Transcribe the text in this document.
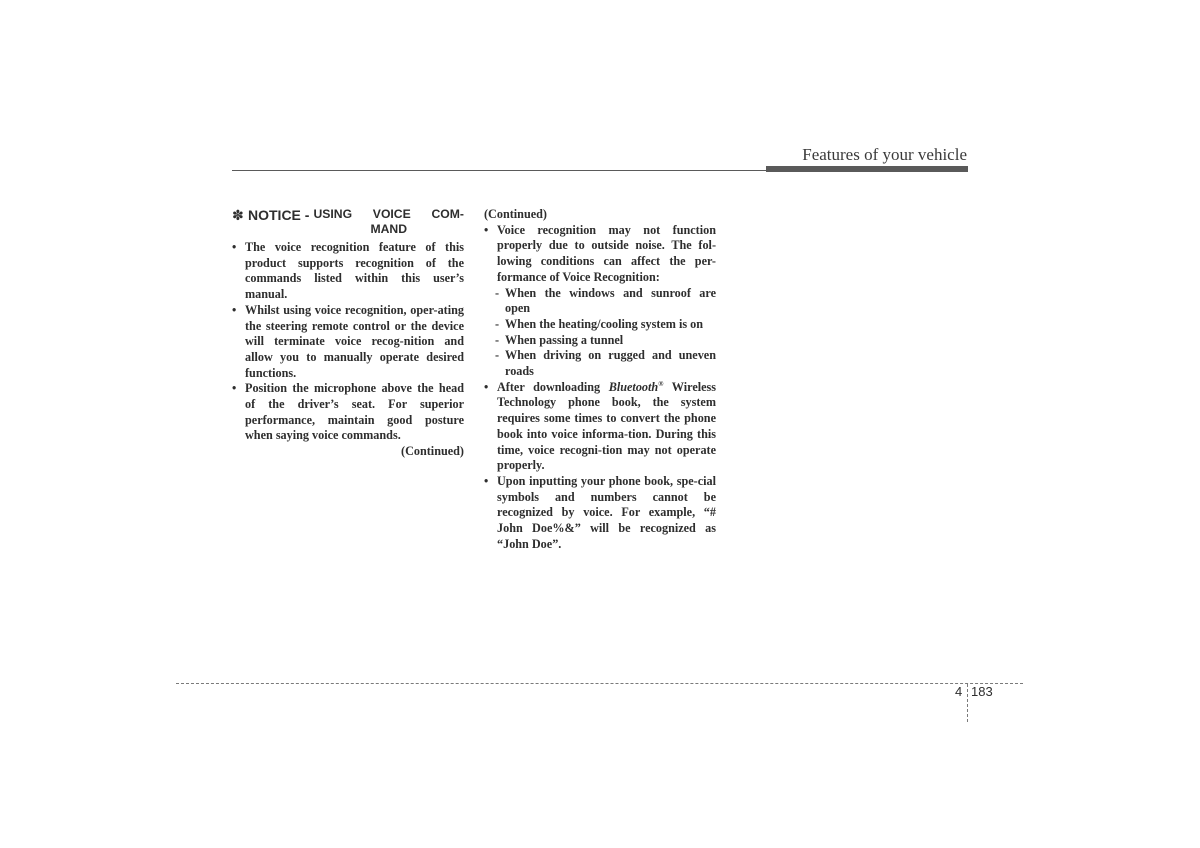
Features of your vehicle
✽ NOTICE - USING VOICE COM-MAND
• The voice recognition feature of this product supports recognition of the commands listed within this user’s manual.
• Whilst using voice recognition, oper-ating the steering remote control or the device will terminate voice recog-nition and allow you to manually operate desired functions.
• Position the microphone above the head of the driver’s seat. For superior performance, maintain good posture when saying voice commands.
(Continued)
(Continued)
• Voice recognition may not function properly due to outside noise. The fol-lowing conditions can affect the per-formance of Voice Recognition:
- When the windows and sunroof are open
- When the heating/cooling system is on
- When passing a tunnel
- When driving on rugged and uneven roads
• After downloading Bluetooth® Wireless Technology phone book, the system requires some times to convert the phone book into voice informa-tion. During this time, voice recogni-tion may not operate properly.
• Upon inputting your phone book, spe-cial symbols and numbers cannot be recognized by voice. For example, “# John Doe%&” will be recognized as “John Doe”.
4 183
